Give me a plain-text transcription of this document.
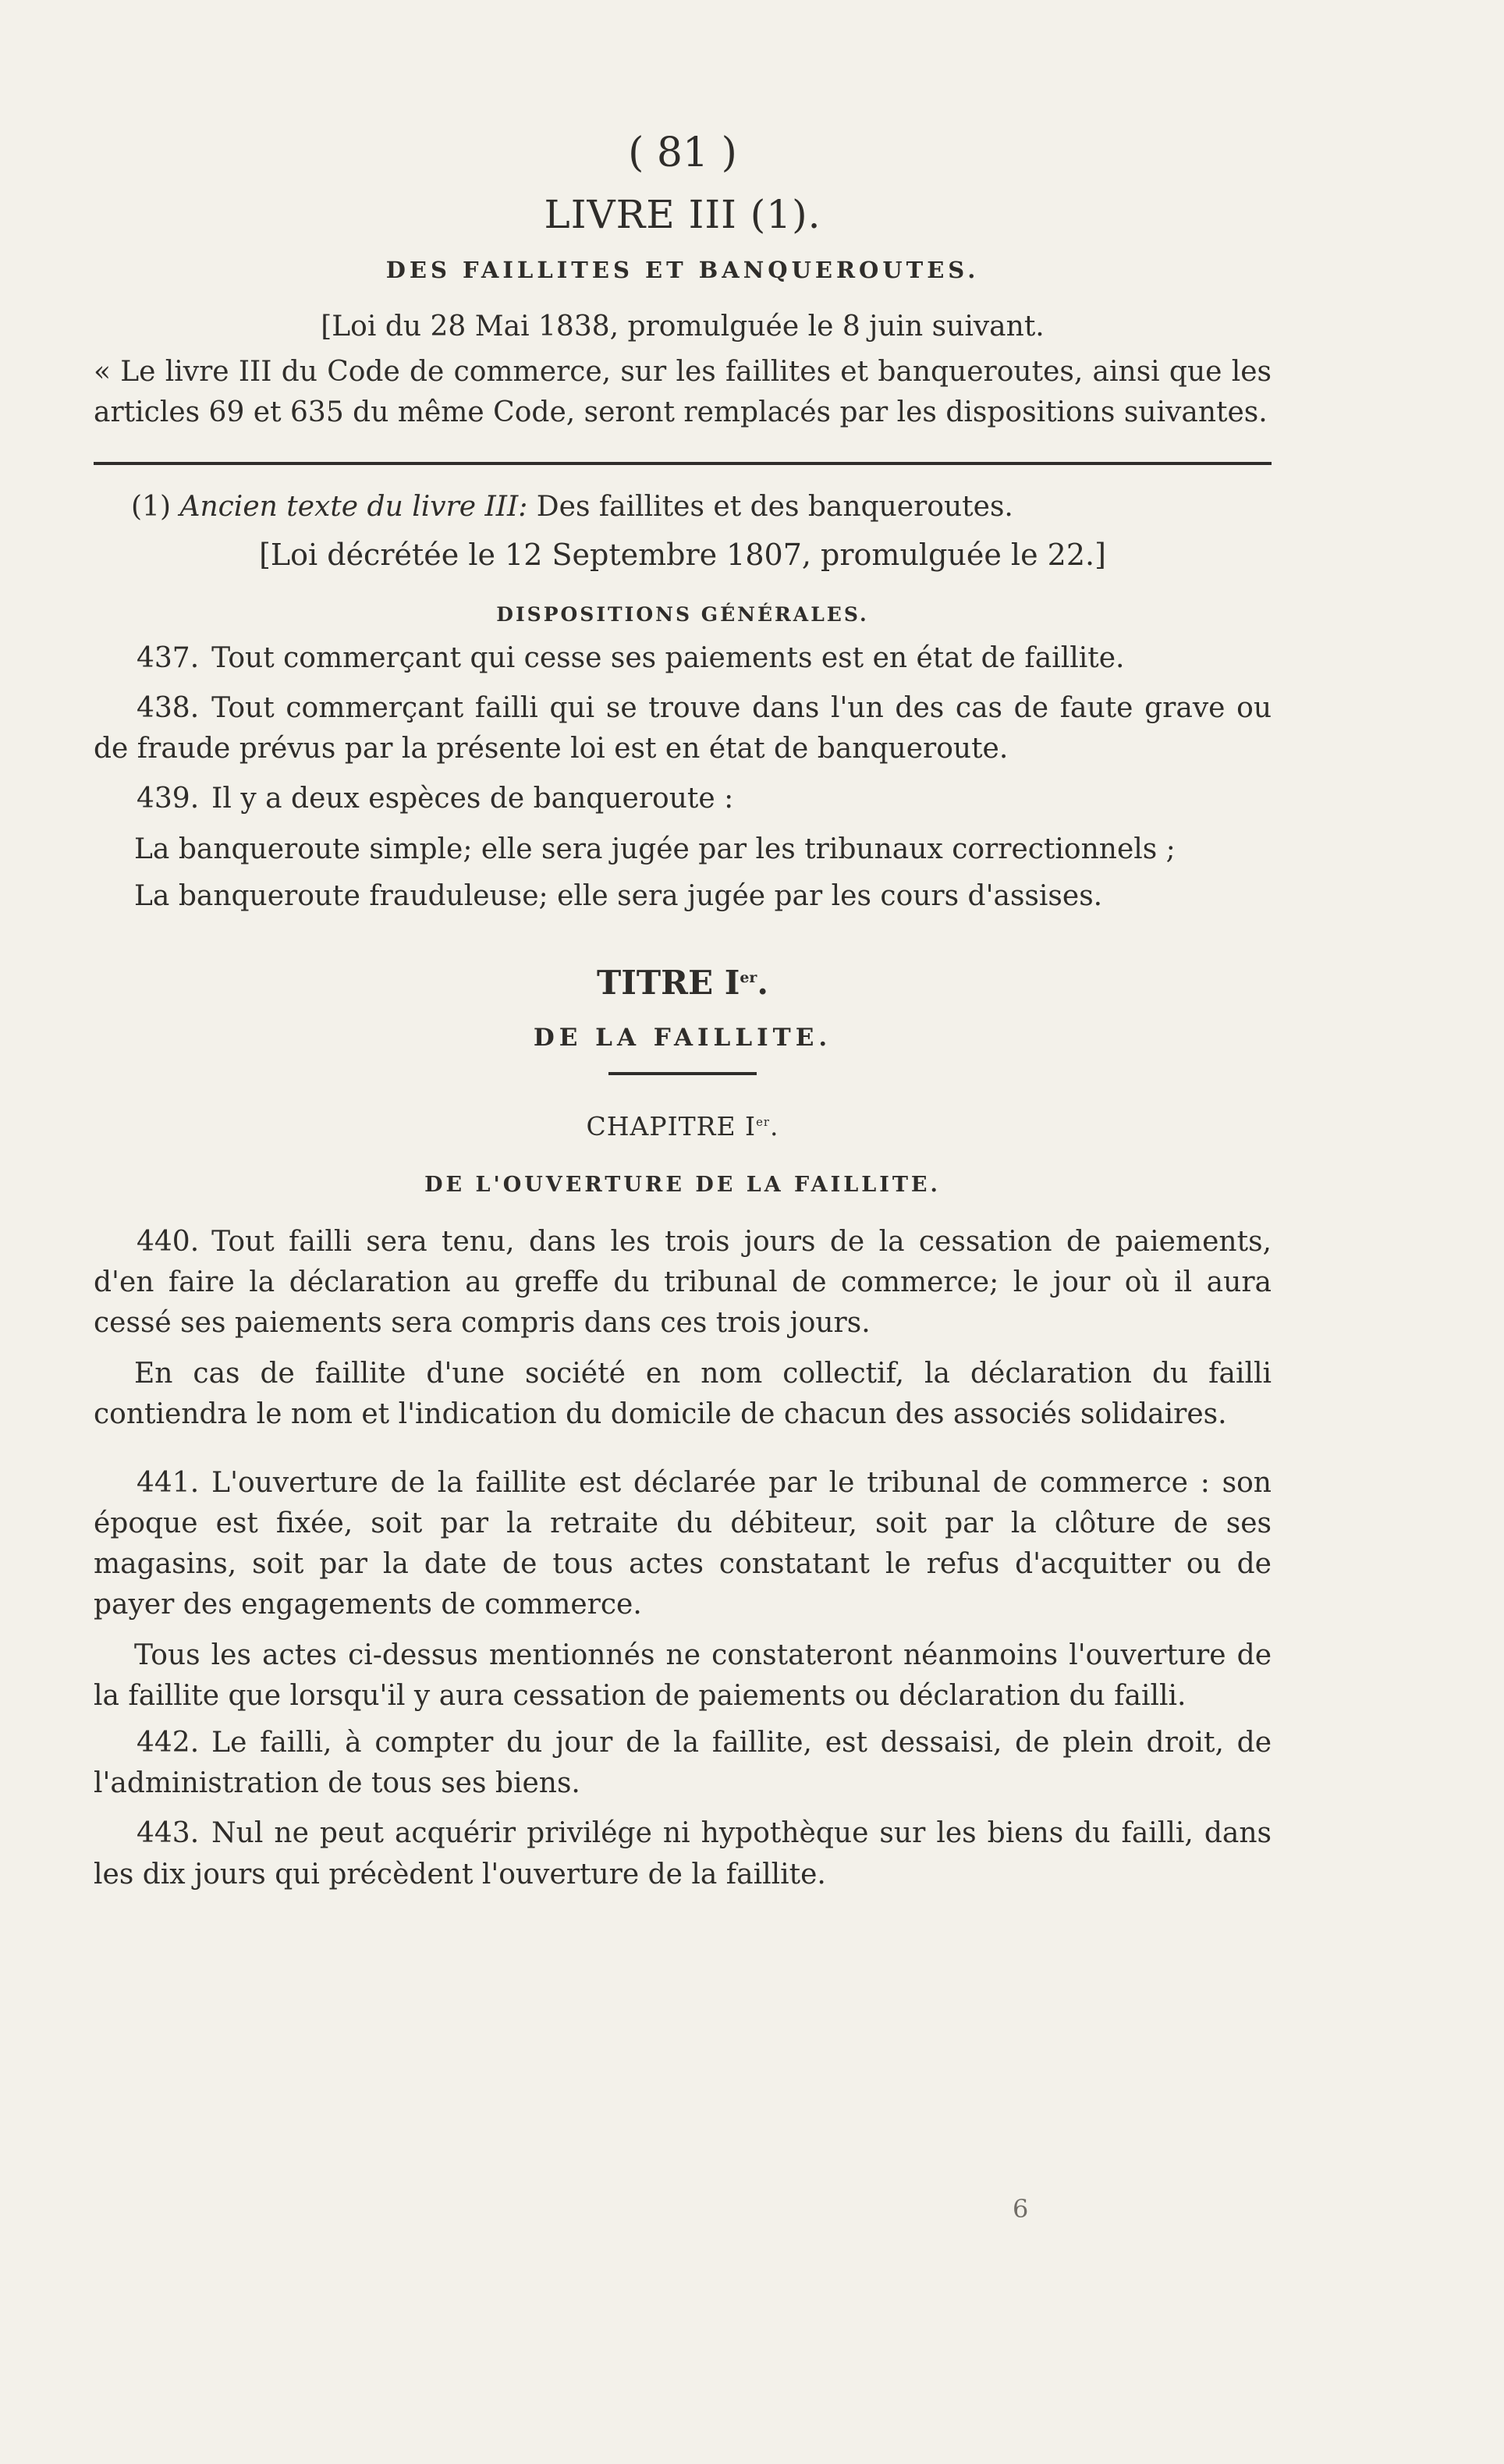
( 81 )
LIVRE III (1).
DES FAILLITES ET BANQUEROUTES.

[Loi du 28 Mai 1838, promulguée le 8 juin suivant.

« Le livre III du Code de commerce, sur les faillites et banqueroutes, ainsi que les articles 69 et 635 du même Code, seront remplacés par les dispositions suivantes.

(1) Ancien texte du livre III: Des faillites et des banqueroutes.

[Loi décrétée le 12 Septembre 1807, promulguée le 22.]

DISPOSITIONS GÉNÉRALES.

437. Tout commerçant qui cesse ses paiements est en état de faillite.

438. Tout commerçant failli qui se trouve dans l'un des cas de faute grave ou de fraude prévus par la présente loi est en état de banqueroute.

439. Il y a deux espèces de banqueroute :

La banqueroute simple; elle sera jugée par les tribunaux correctionnels ;

La banqueroute frauduleuse; elle sera jugée par les cours d'assises.

TITRE Ier.
DE LA FAILLITE.
CHAPITRE Ier.
DE L'OUVERTURE DE LA FAILLITE.

440. Tout failli sera tenu, dans les trois jours de la cessation de paiements, d'en faire la déclaration au greffe du tribunal de commerce; le jour où il aura cessé ses paiements sera compris dans ces trois jours.

En cas de faillite d'une société en nom collectif, la déclaration du failli contiendra le nom et l'indication du domicile de chacun des associés solidaires.

441. L'ouverture de la faillite est déclarée par le tribunal de commerce : son époque est fixée, soit par la retraite du débiteur, soit par la clôture de ses magasins, soit par la date de tous actes constatant le refus d'acquitter ou de payer des engagements de commerce.

Tous les actes ci-dessus mentionnés ne constateront néanmoins l'ouverture de la faillite que lorsqu'il y aura cessation de paiements ou déclaration du failli.

442. Le failli, à compter du jour de la faillite, est dessaisi, de plein droit, de l'administration de tous ses biens.

443. Nul ne peut acquérir privilége ni hypothèque sur les biens du failli, dans les dix jours qui précèdent l'ouverture de la faillite.

6
